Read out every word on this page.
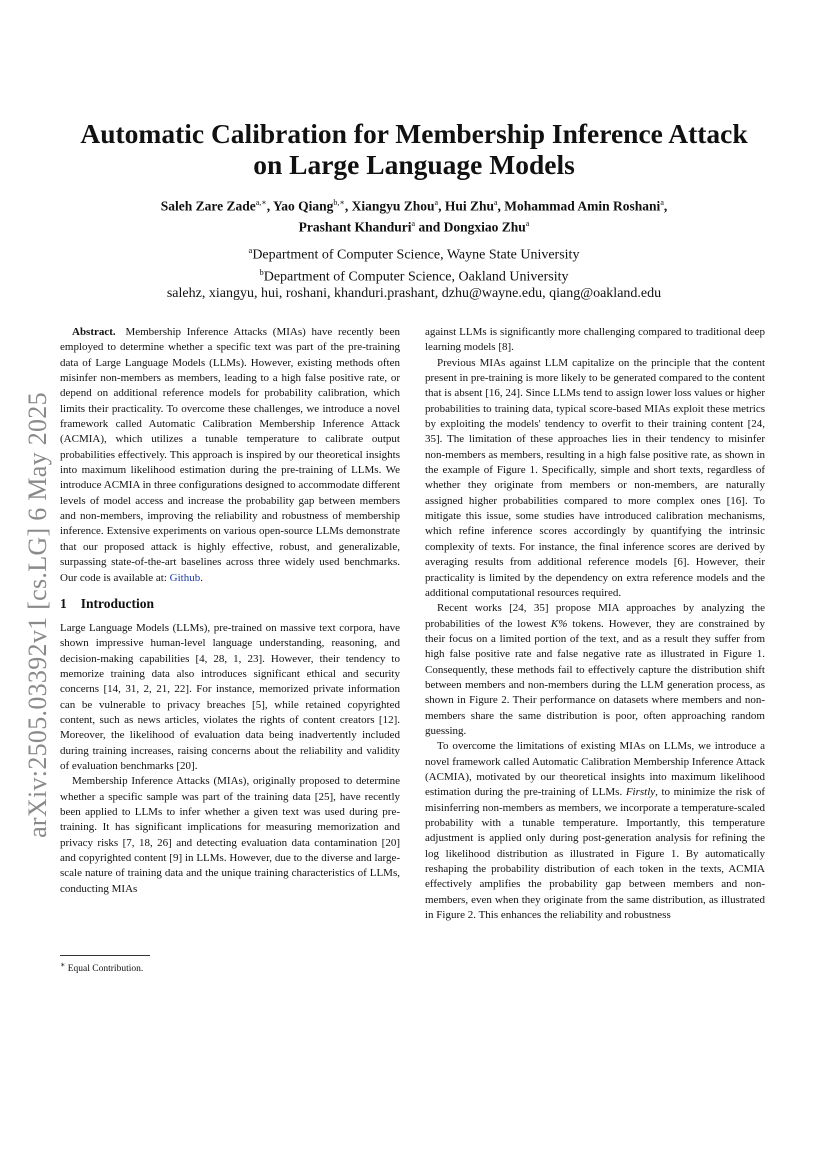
arXiv:2505.03392v1 [cs.LG] 6 May 2025
Automatic Calibration for Membership Inference Attack
on Large Language Models
Saleh Zare Zade$^{a,∗}$, Yao Qiang$^{b,∗}$, Xiangyu Zhou$^a$, Hui Zhu$^a$, Mohammad Amin Roshani$^a$,
Prashant Khanduri$^a$ and Dongxiao Zhu$^a$
$^a$Department of Computer Science, Wayne State University
$^b$Department of Computer Science, Oakland University
salehz, xiangyu, hui, roshani, khanduri.prashant, dzhu@wayne.edu, qiang@oakland.edu

Abstract. Membership Inference Attacks (MIAs) have recently been employed to determine whether a specific text was part of the pre-training data of Large Language Models (LLMs). However, existing methods often misinfer non-members as members, leading to a high false positive rate, or depend on additional reference models for probability calibration, which limits their practicality. To overcome these challenges, we introduce a novel framework called Automatic Calibration Membership Inference Attack (ACMIA), which utilizes a tunable temperature to calibrate output probabilities effectively. This approach is inspired by our theoretical insights into maximum likelihood estimation during the pre-training of LLMs. We introduce ACMIA in three configurations designed to accommodate different levels of model access and increase the probability gap between members and non-members, improving the reliability and robustness of membership inference. Extensive experiments on various open-source LLMs demonstrate that our proposed attack is highly effective, robust, and generalizable, surpassing state-of-the-art baselines across three widely used benchmarks. Our code is available at: Github.

1 Introduction

Large Language Models (LLMs), pre-trained on massive text corpora, have shown impressive human-level language understanding, reasoning, and decision-making capabilities [4, 28, 1, 23]. However, their tendency to memorize training data also introduces significant ethical and security concerns [14, 31, 2, 21, 22]. For instance, memorized private information can be vulnerable to privacy breaches [5], while retained copyrighted content, such as news articles, violates the rights of content creators [12]. Moreover, the likelihood of evaluation data being inadvertently included during training increases, raising concerns about the reliability and validity of evaluation benchmarks [20].

Membership Inference Attacks (MIAs), originally proposed to determine whether a specific sample was part of the training data [25], have recently been applied to LLMs to infer whether a given text was used during pre-training. It has significant implications for measuring memorization and privacy risks [7, 18, 26] and detecting evaluation data contamination [20] and copyrighted content [9] in LLMs. However, due to the diverse and large-scale nature of training data and the unique training characteristics of LLMs, conducting MIAs

∗ Equal Contribution.

against LLMs is significantly more challenging compared to traditional deep learning models [8].

Previous MIAs against LLM capitalize on the principle that the content present in pre-training is more likely to be generated compared to the content that is absent [16, 24]. Since LLMs tend to assign lower loss values or higher probabilities to training data, typical score-based MIAs exploit these metrics by exploiting the models' tendency to overfit to their training content [24, 35]. The limitation of these approaches lies in their tendency to misinfer non-members as members, resulting in a high false positive rate, as shown in the example of Figure 1. Specifically, simple and short texts, regardless of whether they originate from members or non-members, are naturally assigned higher probabilities compared to more complex ones [16]. To mitigate this issue, some studies have introduced calibration mechanisms, which refine inference scores accordingly by quantifying the intrinsic complexity of texts. For instance, the final inference scores are derived by averaging results from additional reference models [6]. However, their practicality is limited by the dependency on extra reference models and the additional computational resources required.

Recent works [24, 35] propose MIA approaches by analyzing the probabilities of the lowest K% tokens. However, they are constrained by their focus on a limited portion of the text, and as a result they suffer from high false positive rate and false negative rate as illustrated in Figure 1. Consequently, these methods fail to effectively capture the distribution shift between members and non-members during the LLM generation process, as shown in Figure 2. Their performance on datasets where members and non-members share the same distribution is poor, often approaching random guessing.

To overcome the limitations of existing MIAs on LLMs, we introduce a novel framework called Automatic Calibration Membership Inference Attack (ACMIA), motivated by our theoretical insights into maximum likelihood estimation during the pre-training of LLMs. Firstly, to minimize the risk of misinferring non-members as members, we incorporate a temperature-scaled probability with a tunable temperature. Importantly, this temperature adjustment is applied only during post-generation analysis for refining the log likelihood distribution as illustrated in Figure 1. By automatically reshaping the probability distribution of each token in the texts, ACMIA effectively amplifies the probability gap between members and non-members, even when they originate from the same distribution, as illustrated in Figure 2. This enhances the reliability and robustness
